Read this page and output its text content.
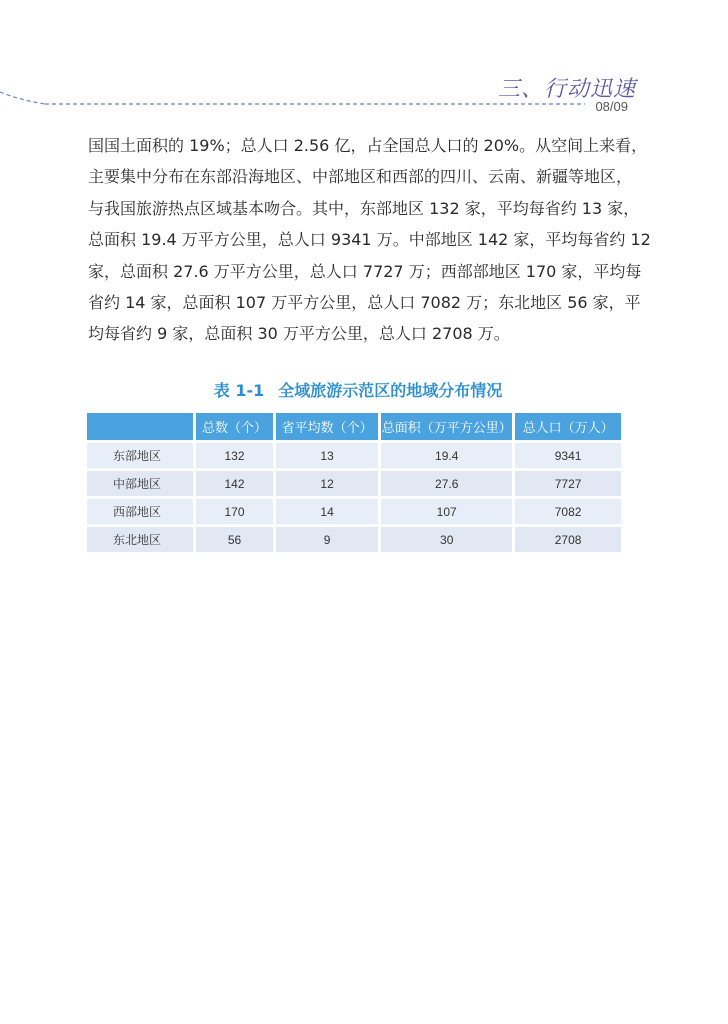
三、行动迅速
08/09

国国土面积的 19%；总人口 2.56 亿，占全国总人口的 20%。从空间上来看，

主要集中分布在东部沿海地区、中部地区和西部的四川、云南、新疆等地区，

与我国旅游热点区域基本吻合。其中，东部地区 132 家，平均每省约 13 家，

总面积 19.4 万平方公里，总人口 9341 万。中部地区 142 家，平均每省约 12

家，总面积 27.6 万平方公里，总人口 7727 万；西部部地区 170 家，平均每

省约 14 家，总面积 107 万平方公里，总人口 7082 万；东北地区 56 家，平

均每省约 9 家，总面积 30 万平方公里，总人口 2708 万。

表 1-1 全域旅游示范区的地域分布情况
	总数（个）	省平均数（个）	总面积（万平方公里）	总人口（万人）
东部地区	132	13	19.4	9341
中部地区	142	12	27.6	7727
西部地区	170	14	107	7082
东北地区	56	9	30	2708
